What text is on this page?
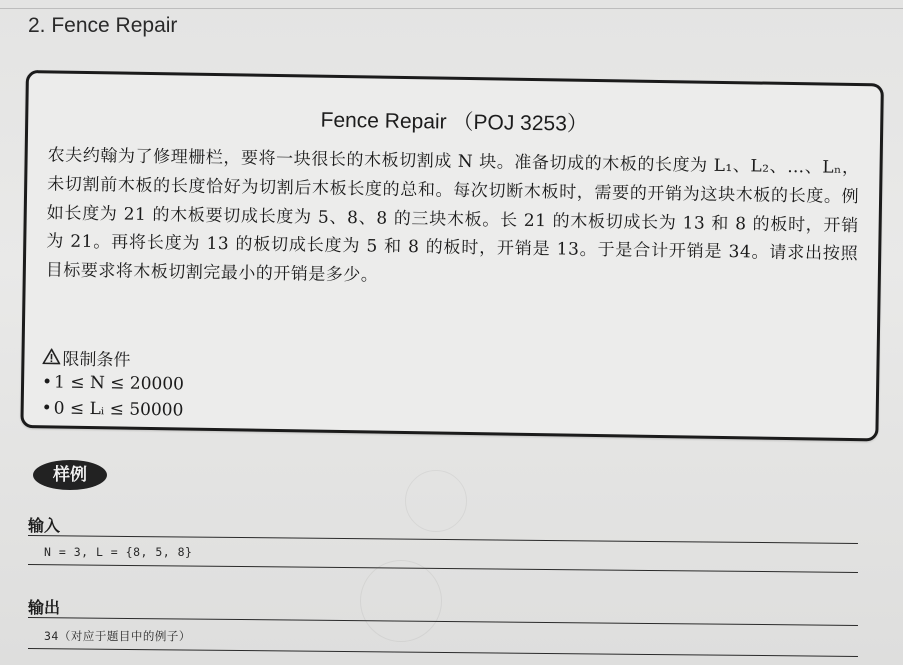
2. Fence Repair
Fence Repair （POJ 3253）

农夫约翰为了修理栅栏，要将一块很长的木板切割成 N 块。准备切成的木板的长度为 L₁、L₂、…、Lₙ，未切割前木板的长度恰好为切割后木板长度的总和。每次切断木板时，需要的开销为这块木板的长度。例如长度为 21 的木板要切成长度为 5、8、8 的三块木板。长 21 的木板切成长为 13 和 8 的板时，开销为 21。再将长度为 13 的板切成长度为 5 和 8 的板时，开销是 13。于是合计开销是 34。请求出按照目标要求将木板切割完最小的开销是多少。

限制条件
•1 ≤ N ≤ 20000
•0 ≤ Lᵢ ≤ 50000
样例
输入
N = 3, L = {8, 5, 8}
输出
34（对应于题目中的例子）
